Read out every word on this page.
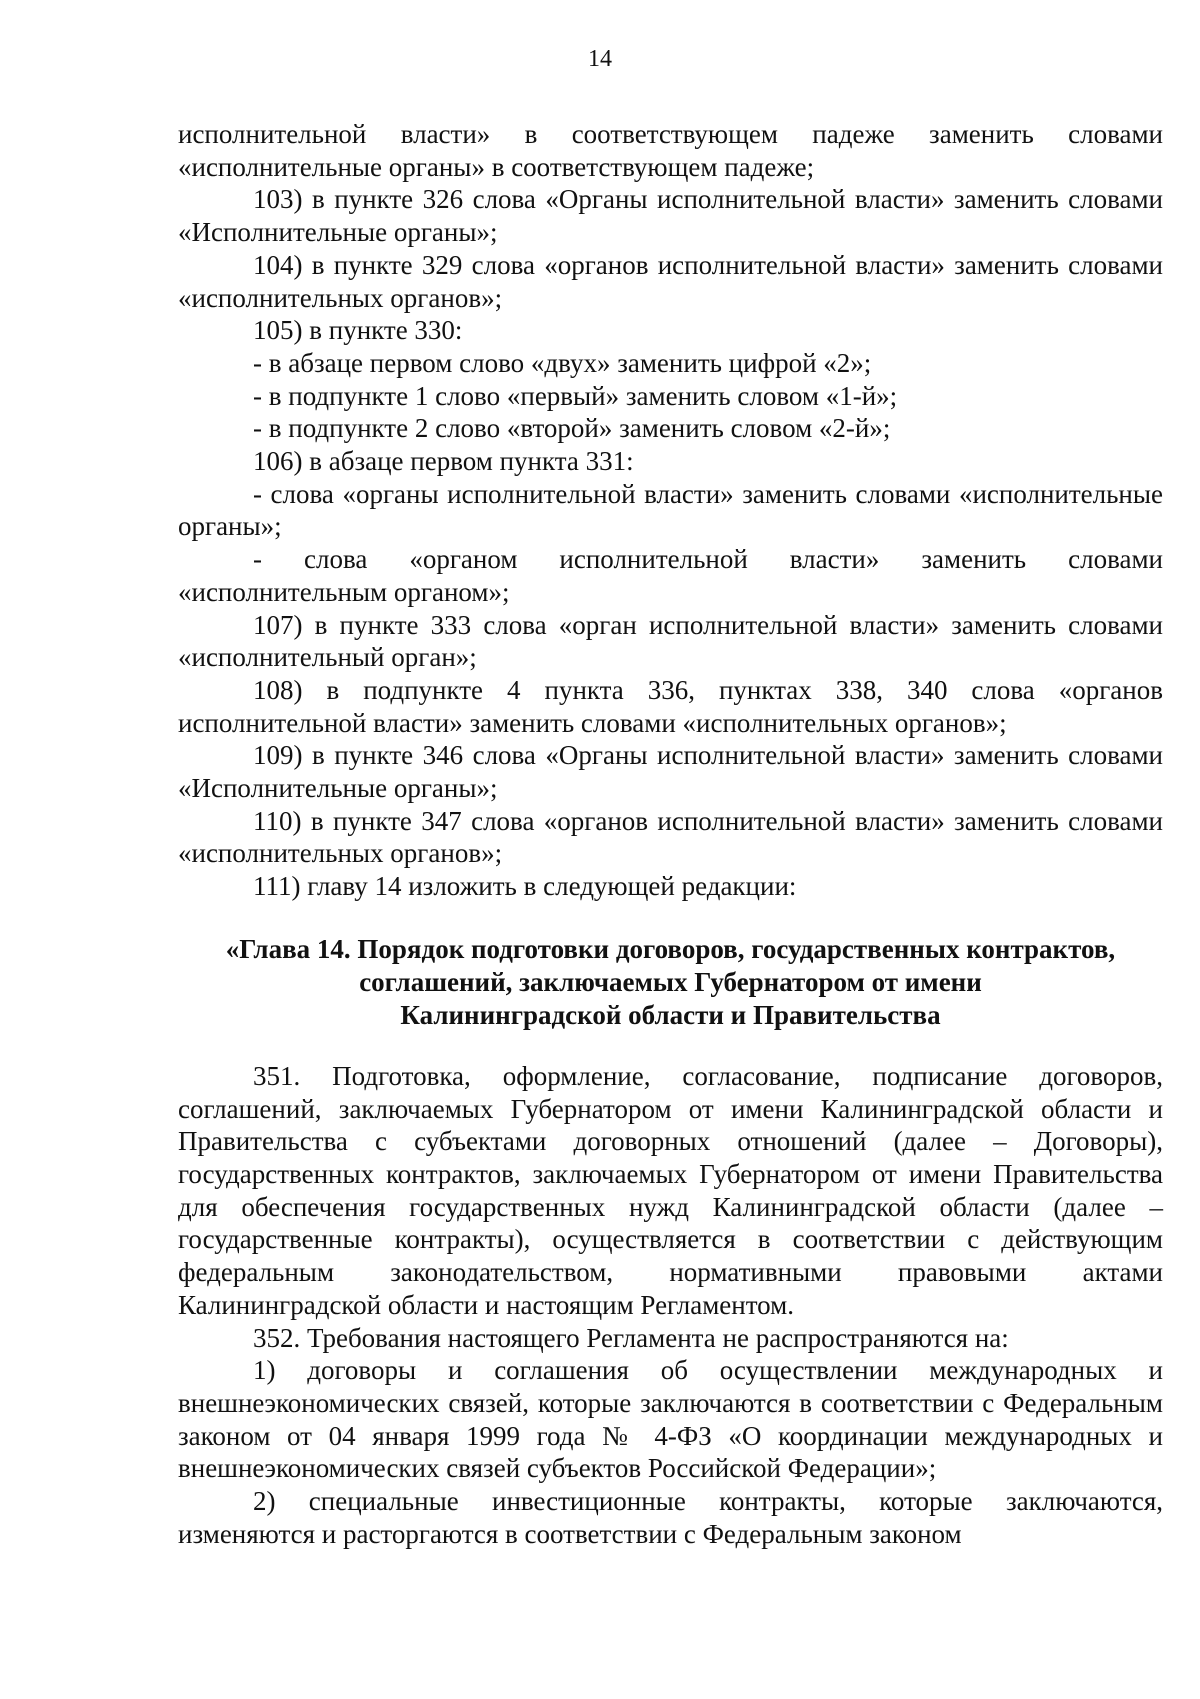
14

исполнительной власти» в соответствующем падеже заменить словами «исполнительные органы» в соответствующем падеже;

103) в пункте 326 слова «Органы исполнительной власти» заменить словами «Исполнительные органы»;

104) в пункте 329 слова «органов исполнительной власти» заменить словами «исполнительных органов»;

105) в пункте 330:

- в абзаце первом слово «двух» заменить цифрой «2»;

- в подпункте 1 слово «первый» заменить словом «1-й»;

- в подпункте 2 слово «второй» заменить словом «2-й»;

106) в абзаце первом пункта 331:

- слова «органы исполнительной власти» заменить словами «исполнительные органы»;

- слова «органом исполнительной власти» заменить словами «исполнительным органом»;

107) в пункте 333 слова «орган исполнительной власти» заменить словами «исполнительный орган»;

108) в подпункте 4 пункта 336, пунктах 338, 340 слова «органов исполнительной власти» заменить словами «исполнительных органов»;

109) в пункте 346 слова «Органы исполнительной власти» заменить словами «Исполнительные органы»;

110) в пункте 347 слова «органов исполнительной власти» заменить словами «исполнительных органов»;

111) главу 14 изложить в следующей редакции:

«Глава 14. Порядок подготовки договоров, государственных контрактов,
соглашений, заключаемых Губернатором от имени
Калининградской области и Правительства

351. Подготовка, оформление, согласование, подписание договоров, соглашений, заключаемых Губернатором от имени Калининградской области и Правительства с субъектами договорных отношений (далее – Договоры), государственных контрактов, заключаемых Губернатором от имени Правительства для обеспечения государственных нужд Калининградской области (далее – государственные контракты), осуществляется в соответствии с действующим федеральным законодательством, нормативными правовыми актами Калининградской области и настоящим Регламентом.

352. Требования настоящего Регламента не распространяются на:

1) договоры и соглашения об осуществлении международных и внешнеэкономических связей, которые заключаются в соответствии с Федеральным законом от 04 января 1999 года № 4-ФЗ «О координации международных и внешнеэкономических связей субъектов Российской Федерации»;

2) специальные инвестиционные контракты, которые заключаются, изменяются и расторгаются в соответствии с Федеральным законом
